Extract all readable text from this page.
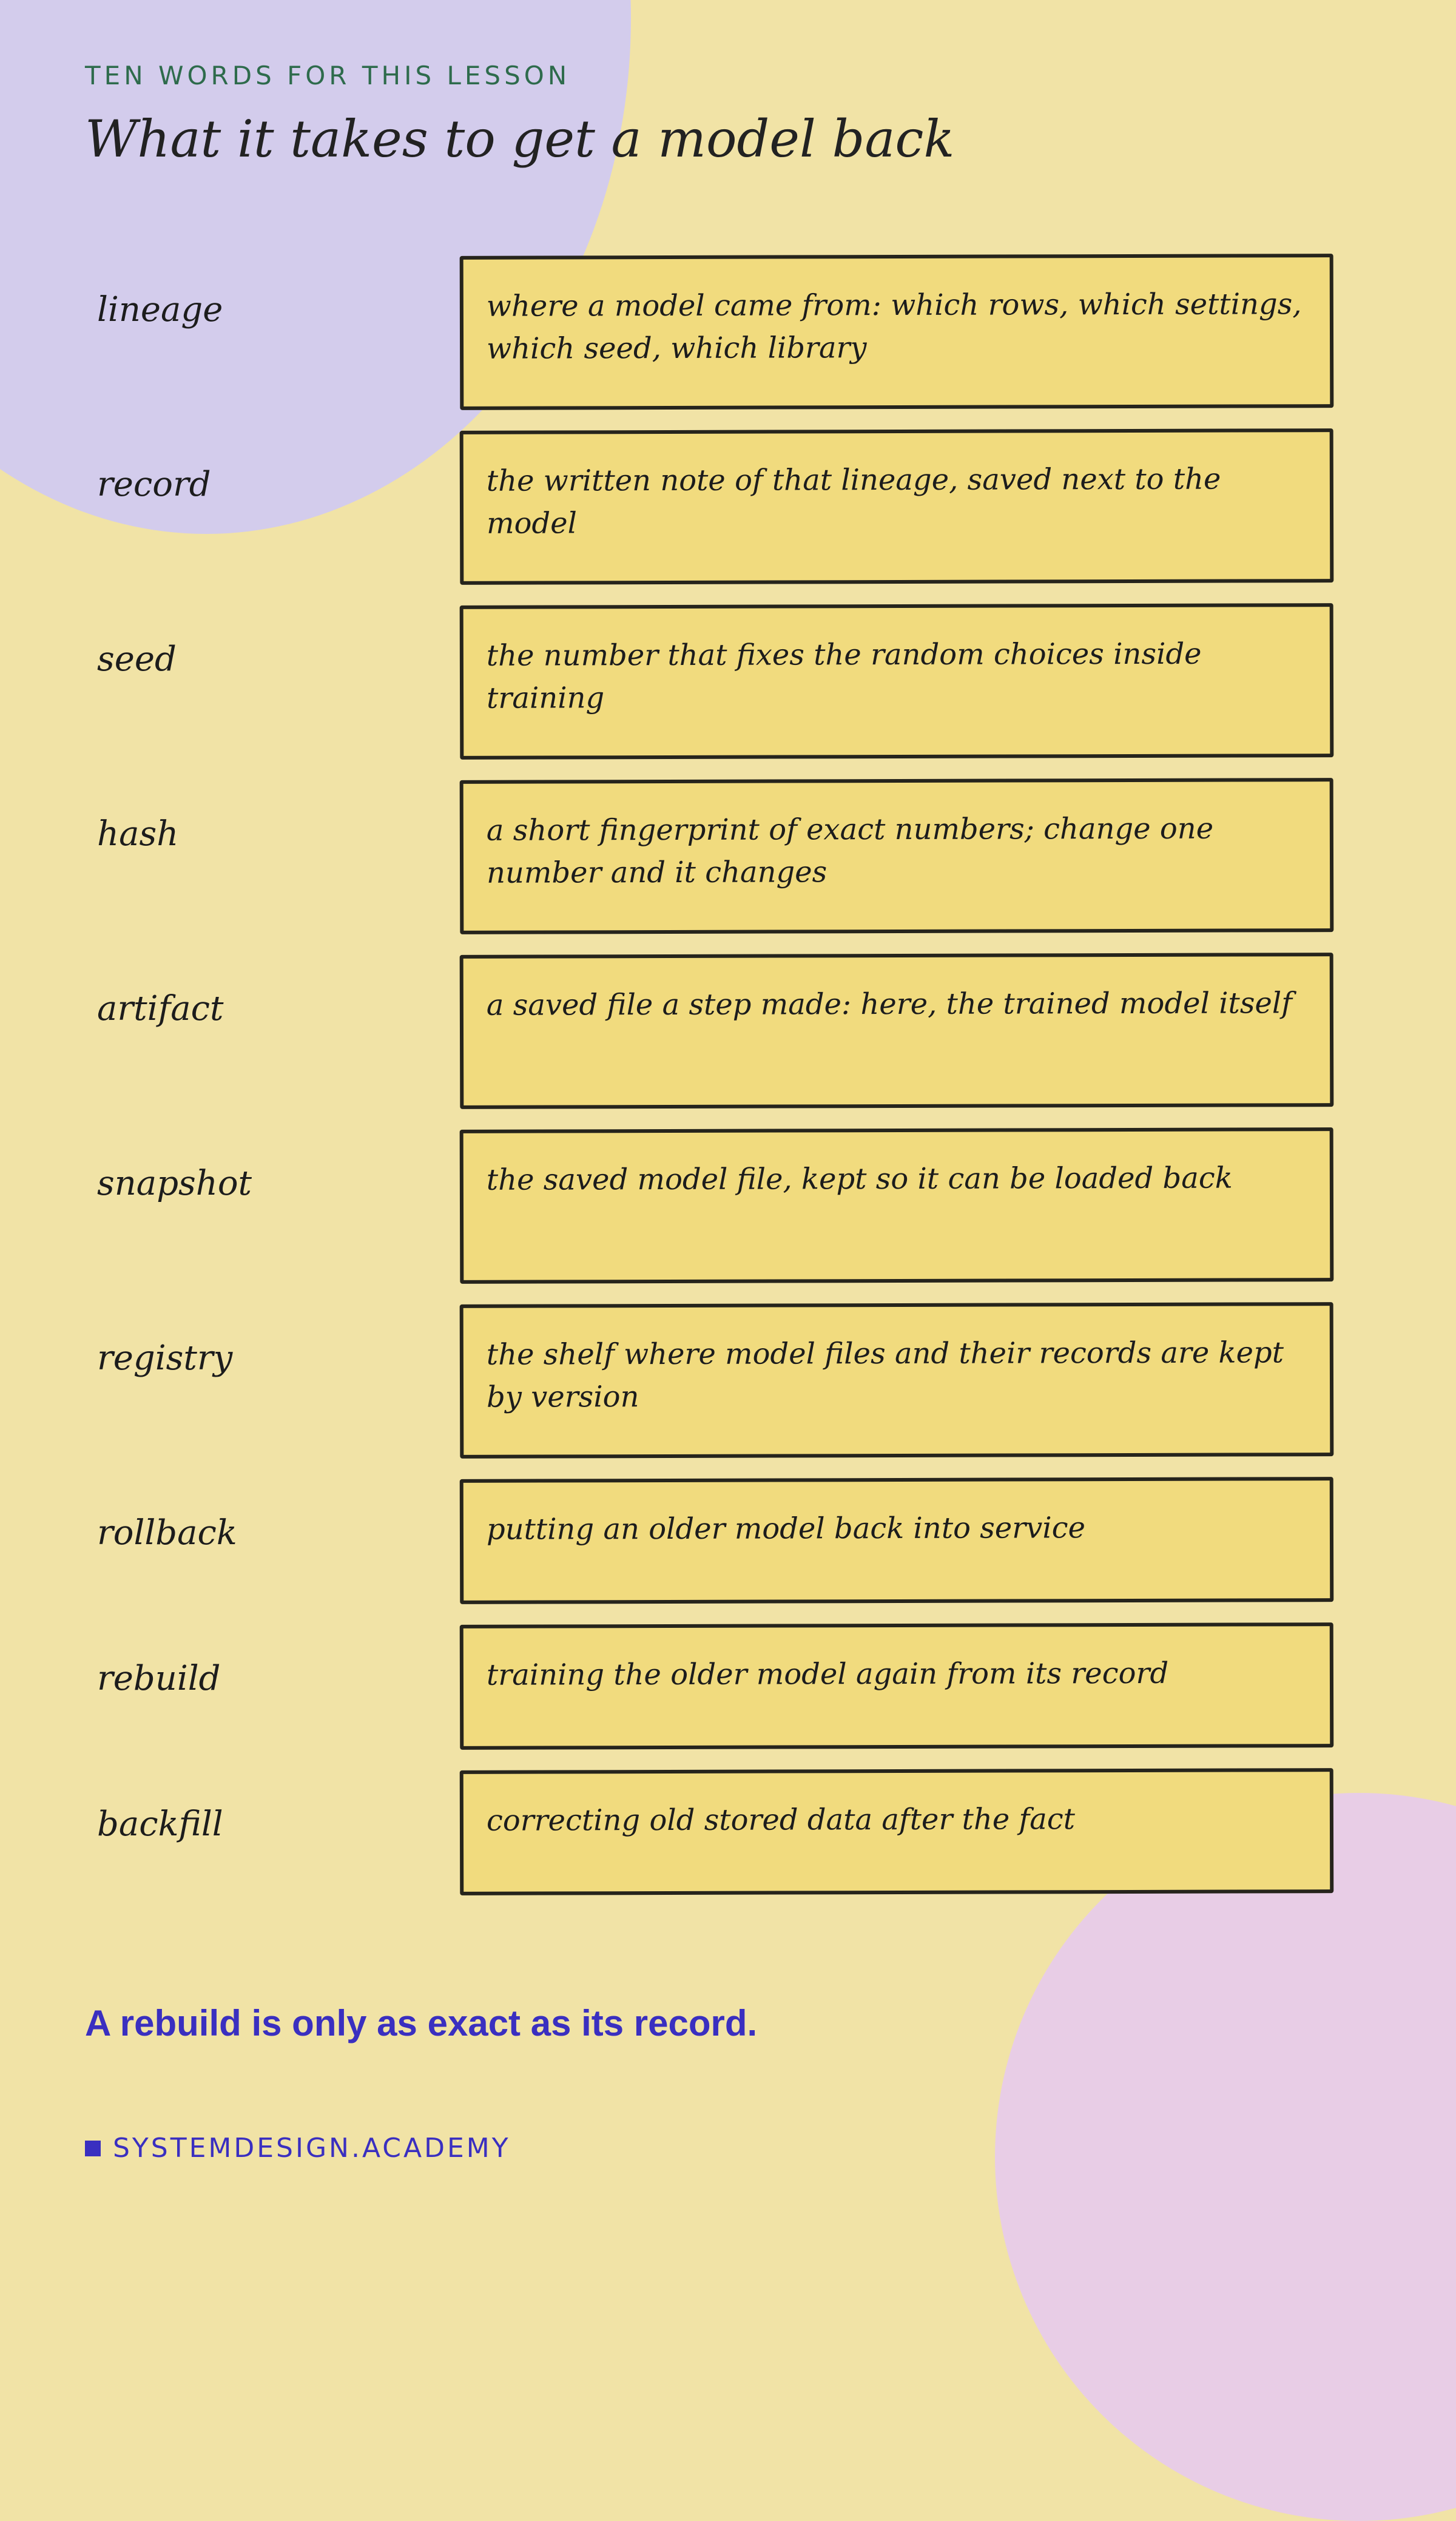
TEN WORDS FOR THIS LESSON
What it takes to get a model back
lineage	where a model came from: which rows, which settings, which seed, which library
record	the written note of that lineage, saved next to the model
seed	the number that fixes the random choices inside training
hash	a short fingerprint of exact numbers; change one number and it changes
artifact	a saved file a step made: here, the trained model itself
snapshot	the saved model file, kept so it can be loaded back
registry	the shelf where model files and their records are kept by version
rollback	putting an older model back into service
rebuild	training the older model again from its record
backfill	correcting old stored data after the fact
A rebuild is only as exact as its record.
SYSTEMDESIGN.ACADEMY
